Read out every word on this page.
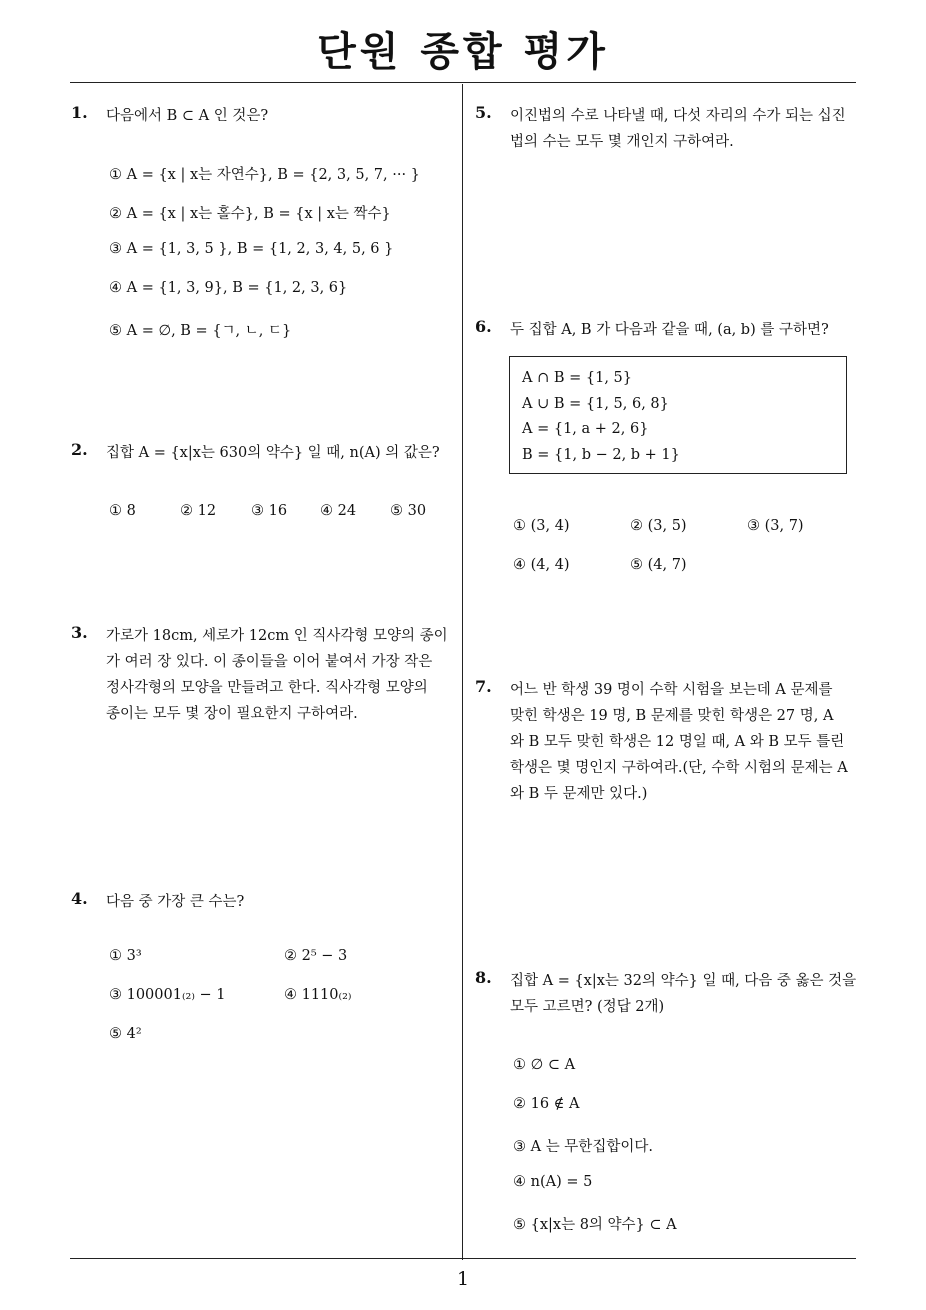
단원 종합 평가
1
1. 다음에서 B ⊂ A 인 것은?
① A = {x | x는 자연수}, B = {2, 3, 5, 7, ··· }
② A = {x | x는 홀수}, B = {x | x는 짝수}
③ A = {1, 3, 5 }, B = {1, 2, 3, 4, 5, 6 }
④ A = {1, 3, 9}, B = {1, 2, 3, 6}
⑤ A = ∅, B = {ㄱ, ㄴ, ㄷ}
2. 집합 A = {x|x는 630의 약수} 일 때, n(A) 의 값은?
① 8	② 12 ③ 16 ④ 24 ⑤ 30
3. 가로가 18cm, 세로가 12cm 인 직사각형 모양의 종이
가 여러 장 있다. 이 종이들을 이어 붙여서 가장 작은
정사각형의 모양을 만들려고 한다. 직사각형 모양의
종이는 모두 몇 장이 필요한지 구하여라.
4. 다음 중 가장 큰 수는?
① 3³	② 2⁵ − 3
③ 100001₍₂₎ − 1	④ 1110₍₂₎
⑤ 4²
5. 이진법의 수로 나타낼 때, 다섯 자리의 수가 되는 십진
법의 수는 모두 몇 개인지 구하여라.
6. 두 집합 A, B 가 다음과 같을 때, (a, b) 를 구하면?
A ∩ B = {1, 5}
A ∪ B = {1, 5, 6, 8}
A = {1, a + 2, 6}
B = {1, b − 2, b + 1}
① (3, 4)	② (3, 5)	③ (3, 7)
④ (4, 4)	⑤ (4, 7)
7. 어느 반 학생 39 명이 수학 시험을 보는데 A 문제를
맞힌 학생은 19 명, B 문제를 맞힌 학생은 27 명, A
와 B 모두 맞힌 학생은 12 명일 때, A 와 B 모두 틀린
학생은 몇 명인지 구하여라.(단, 수학 시험의 문제는 A
와 B 두 문제만 있다.)
8. 집합 A = {x|x는 32의 약수} 일 때, 다음 중 옳은 것을
모두 고르면? (정답 2개)
① ∅ ⊂ A
② 16 ∉ A
③ A 는 무한집합이다.
④ n(A) = 5
⑤ {x|x는 8의 약수} ⊂ A
